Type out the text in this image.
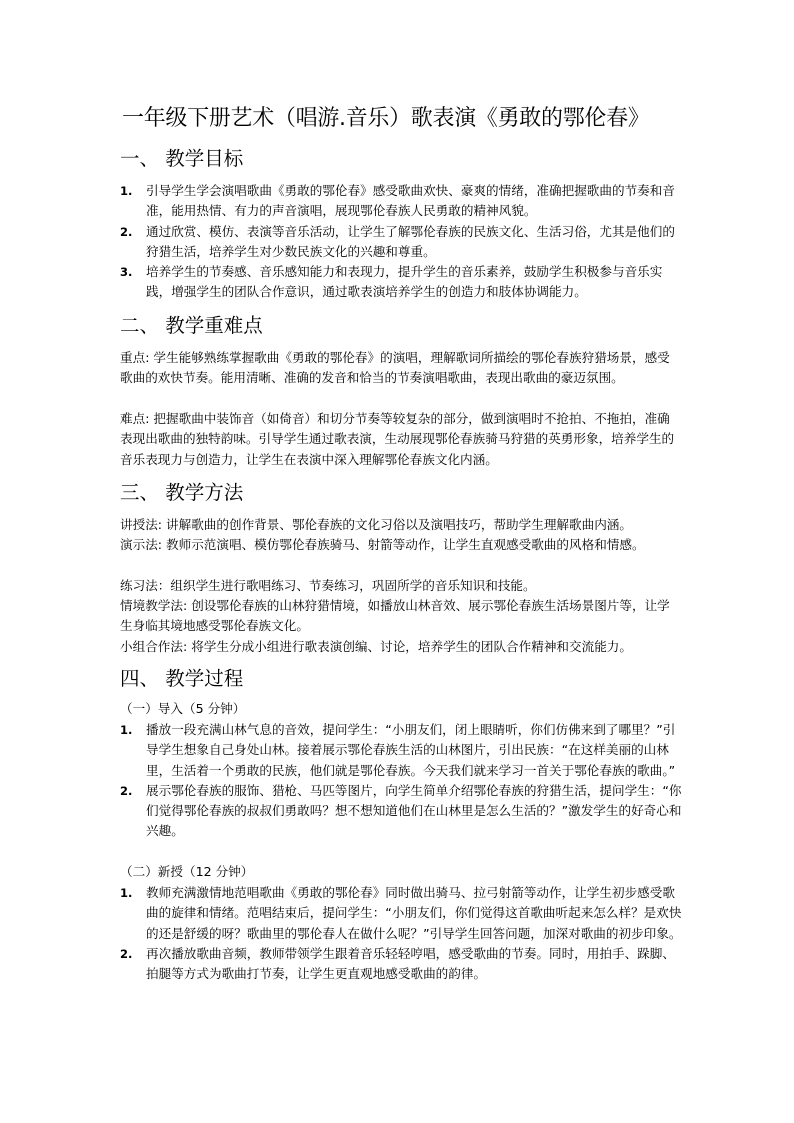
一年级下册艺术（唱游.音乐）歌表演《勇敢的鄂伦春》
一、 教学目标
1. 引导学生学会演唱歌曲《勇敢的鄂伦春》感受歌曲欢快、豪爽的情绪，准确把握歌曲的节奏和音准，能用热情、有力的声音演唱，展现鄂伦春族人民勇敢的精神风貌。
2. 通过欣赏、模仿、表演等音乐活动，让学生了解鄂伦春族的民族文化、生活习俗，尤其是他们的狩猎生活，培养学生对少数民族文化的兴趣和尊重。
3. 培养学生的节奏感、音乐感知能力和表现力，提升学生的音乐素养，鼓励学生积极参与音乐实践，增强学生的团队合作意识，通过歌表演培养学生的创造力和肢体协调能力。
二、 教学重难点

重点: 学生能够熟练掌握歌曲《勇敢的鄂伦春》的演唱，理解歌词所描绘的鄂伦春族狩猎场景，感受歌曲的欢快节奏。能用清晰、准确的发音和恰当的节奏演唱歌曲，表现出歌曲的豪迈氛围。

难点: 把握歌曲中装饰音（如倚音）和切分节奏等较复杂的部分，做到演唱时不抢拍、不拖拍，准确表现出歌曲的独特韵味。引导学生通过歌表演，生动展现鄂伦春族骑马狩猎的英勇形象，培养学生的音乐表现力与创造力，让学生在表演中深入理解鄂伦春族文化内涵。

三、 教学方法

讲授法: 讲解歌曲的创作背景、鄂伦春族的文化习俗以及演唱技巧，帮助学生理解歌曲内涵。

演示法: 教师示范演唱、模仿鄂伦春族骑马、射箭等动作，让学生直观感受歌曲的风格和情感。

练习法：组织学生进行歌唱练习、节奏练习，巩固所学的音乐知识和技能。

情境教学法: 创设鄂伦春族的山林狩猎情境，如播放山林音效、展示鄂伦春族生活场景图片等，让学生身临其境地感受鄂伦春族文化。

小组合作法: 将学生分成小组进行歌表演创编、讨论，培养学生的团队合作精神和交流能力。

四、 教学过程

（一）导入（5 分钟）

1. 播放一段充满山林气息的音效，提问学生：“小朋友们，闭上眼睛听，你们仿佛来到了哪里？”引导学生想象自己身处山林。接着展示鄂伦春族生活的山林图片，引出民族：“在这样美丽的山林里，生活着一个勇敢的民族，他们就是鄂伦春族。今天我们就来学习一首关于鄂伦春族的歌曲。”
2. 展示鄂伦春族的服饰、猎枪、马匹等图片，向学生简单介绍鄂伦春族的狩猎生活，提问学生：“你们觉得鄂伦春族的叔叔们勇敢吗？想不想知道他们在山林里是怎么生活的？”激发学生的好奇心和兴趣。

（二）新授（12 分钟）

1. 教师充满激情地范唱歌曲《勇敢的鄂伦春》同时做出骑马、拉弓射箭等动作，让学生初步感受歌曲的旋律和情绪。范唱结束后，提问学生：“小朋友们，你们觉得这首歌曲听起来怎么样？是欢快的还是舒缓的呀？歌曲里的鄂伦春人在做什么呢？”引导学生回答问题，加深对歌曲的初步印象。
2. 再次播放歌曲音频，教师带领学生跟着音乐轻轻哼唱，感受歌曲的节奏。同时，用拍手、跺脚、拍腿等方式为歌曲打节奏，让学生更直观地感受歌曲的韵律。
